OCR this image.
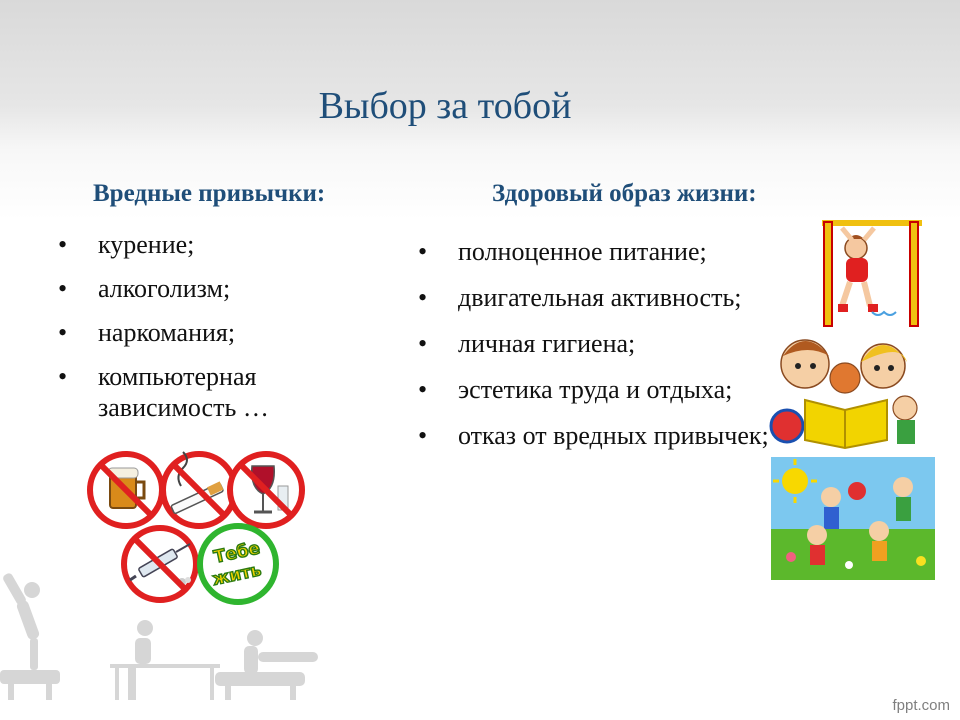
Выбор за тобой
Вредные привычки:	Здоровый образ жизни:
• курение;
• алкоголизм;
• наркомания;
• компьютерная зависимость …
• полноценное питание;
• двигательная активность;
• личная гигиена;
• эстетика труда и отдыха;
• отказ от вредных привычек;
Тебе
жить
fppt.com
